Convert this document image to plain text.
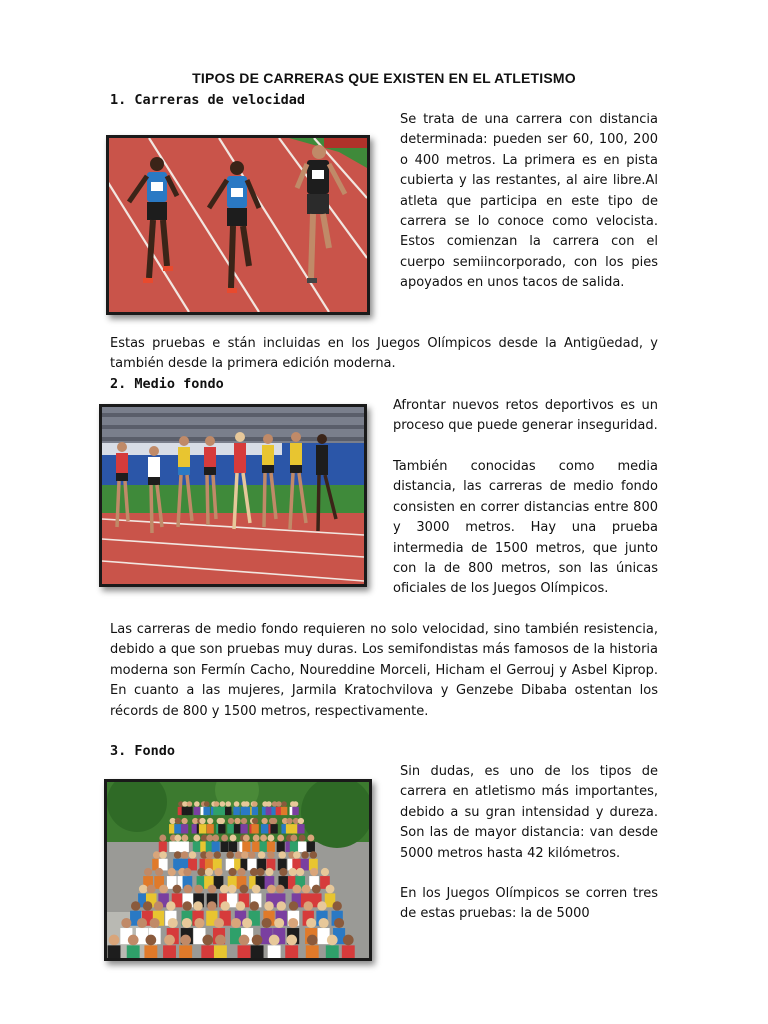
TIPOS DE CARRERAS QUE EXISTEN EN EL ATLETISMO
1. Carreras de velocidad

Se trata de una carrera con distancia determinada: pueden ser 60, 100, 200 o 400 metros. La primera es en pista cubierta y las restantes, al aire libre.Al atleta que participa en este tipo de carrera se lo conoce como velocista. Estos comienzan la carrera con el cuerpo semiincorporado, con los pies apoyados en unos tacos de salida.

Estas pruebas e stán incluidas en los Juegos Olímpicos desde la Antigüedad, y también desde la primera edición moderna.

2. Medio fondo

Afrontar nuevos retos deportivos es un proceso que puede generar inseguridad.

También conocidas como media distancia, las carreras de medio fondo consisten en correr distancias entre 800 y 3000 metros. Hay una prueba intermedia de 1500 metros, que junto con la de 800 metros, son las únicas oficiales de los Juegos Olímpicos.

Las carreras de medio fondo requieren no solo velocidad, sino también resistencia, debido a que son pruebas muy duras. Los semifondistas más famosos de la historia moderna son Fermín Cacho, Noureddine Morceli, Hicham el Gerrouj y Asbel Kiprop. En cuanto a las mujeres, Jarmila Kratochvilova y Genzebe Dibaba ostentan los récords de 800 y 1500 metros, respectivamente.

3. Fondo

Sin dudas, es uno de los tipos de carrera en atletismo más importantes, debido a su gran intensidad y dureza. Son las de mayor distancia: van desde 5000 metros hasta 42 kilómetros.

En los Juegos Olímpicos se corren tres de estas pruebas: la de 5000
